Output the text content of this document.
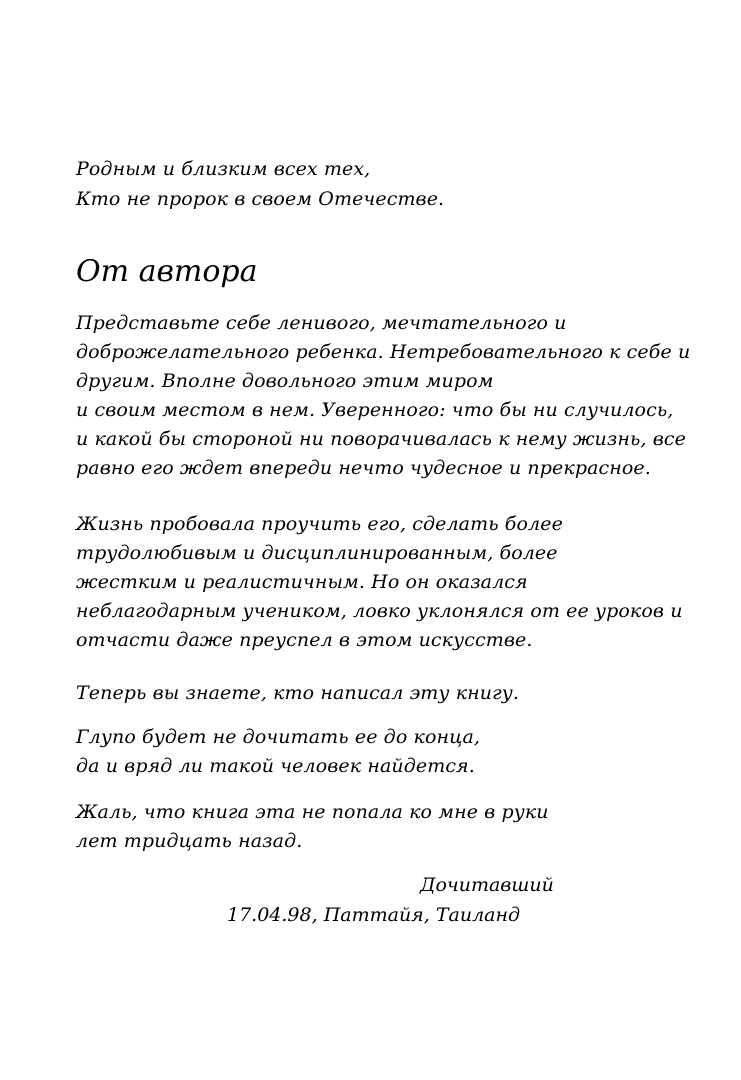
Родным и близким всех тех,
Кто не пророк в своем Отечестве.
От автора
Представьте себе ленивого, мечтательного и
доброжелательного ребенка. Нетребовательного к себе и
другим. Вполне довольного этим миром
и своим местом в нем. Уверенного: что бы ни случилось,
и какой бы стороной ни поворачивалась к нему жизнь, все
равно его ждет впереди нечто чудесное и прекрасное.
Жизнь пробовала проучить его, сделать более
трудолюбивым и дисциплинированным, более
жестким и реалистичным. Но он оказался
неблагодарным учеником, ловко уклонялся от ее уроков и
отчасти даже преуспел в этом искусстве.
Теперь вы знаете, кто написал эту книгу.
Глупо будет не дочитать ее до конца,
да и вряд ли такой человек найдется.
Жаль, что книга эта не попала ко мне в руки
лет тридцать назад.
Дочитавший
17.04.98, Паттайя, Таиланд
